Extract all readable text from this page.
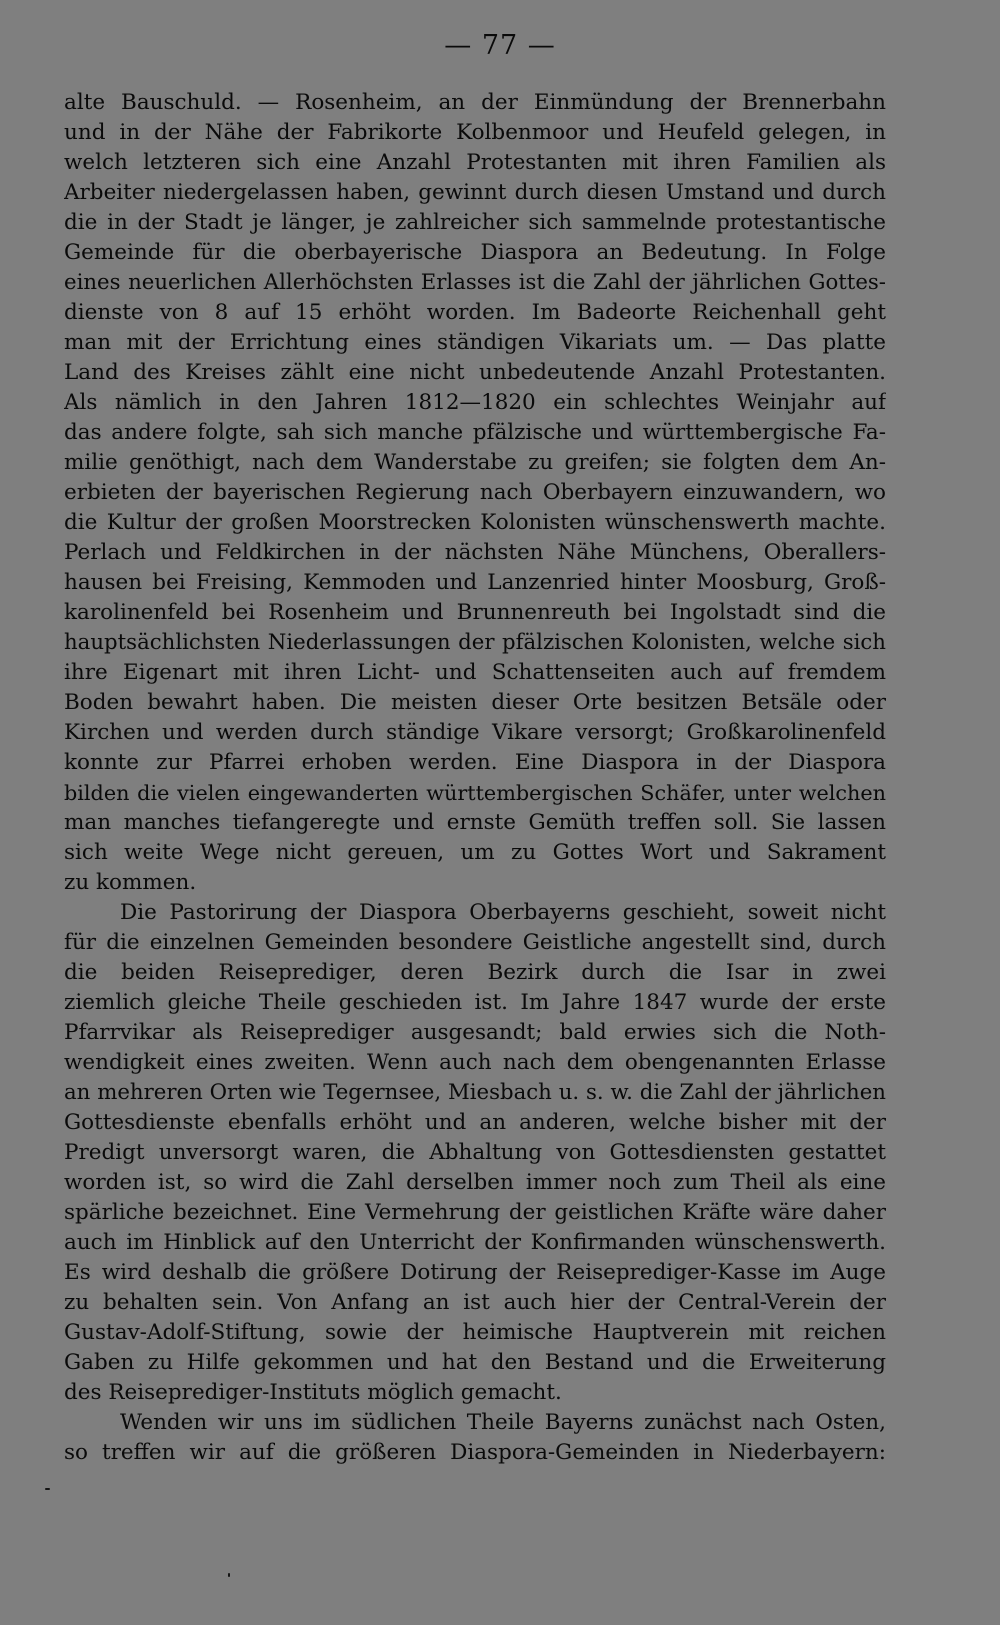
— 77 —
alte Bauschuld. — Rosenheim, an der Einmündung der Brennerbahn
und in der Nähe der Fabrikorte Kolbenmoor und Heufeld gelegen, in
welch letzteren sich eine Anzahl Protestanten mit ihren Familien als
Arbeiter niedergelassen haben, gewinnt durch diesen Umstand und durch
die in der Stadt je länger, je zahlreicher sich sammelnde protestantische
Gemeinde für die oberbayerische Diaspora an Bedeutung. In Folge
eines neuerlichen Allerhöchsten Erlasses ist die Zahl der jährlichen Gottes-
dienste von 8 auf 15 erhöht worden. Im Badeorte Reichenhall geht
man mit der Errichtung eines ständigen Vikariats um. — Das platte
Land des Kreises zählt eine nicht unbedeutende Anzahl Protestanten.
Als nämlich in den Jahren 1812—1820 ein schlechtes Weinjahr auf
das andere folgte, sah sich manche pfälzische und württembergische Fa-
milie genöthigt, nach dem Wanderstabe zu greifen; sie folgten dem An-
erbieten der bayerischen Regierung nach Oberbayern einzuwandern, wo
die Kultur der großen Moorstrecken Kolonisten wünschenswerth machte.
Perlach und Feldkirchen in der nächsten Nähe Münchens, Oberallers-
hausen bei Freising, Kemmoden und Lanzenried hinter Moosburg, Groß-
karolinenfeld bei Rosenheim und Brunnenreuth bei Ingolstadt sind die
hauptsächlichsten Niederlassungen der pfälzischen Kolonisten, welche sich
ihre Eigenart mit ihren Licht- und Schattenseiten auch auf fremdem
Boden bewahrt haben. Die meisten dieser Orte besitzen Betsäle oder
Kirchen und werden durch ständige Vikare versorgt; Großkarolinenfeld
konnte zur Pfarrei erhoben werden. Eine Diaspora in der Diaspora
bilden die vielen eingewanderten württembergischen Schäfer, unter welchen
man manches tiefangeregte und ernste Gemüth treffen soll. Sie lassen
sich weite Wege nicht gereuen, um zu Gottes Wort und Sakrament
zu kommen.
Die Pastorirung der Diaspora Oberbayerns geschieht, soweit nicht
für die einzelnen Gemeinden besondere Geistliche angestellt sind, durch
die beiden Reiseprediger, deren Bezirk durch die Isar in zwei
ziemlich gleiche Theile geschieden ist. Im Jahre 1847 wurde der erste
Pfarrvikar als Reiseprediger ausgesandt; bald erwies sich die Noth-
wendigkeit eines zweiten. Wenn auch nach dem obengenannten Erlasse
an mehreren Orten wie Tegernsee, Miesbach u. s. w. die Zahl der jährlichen
Gottesdienste ebenfalls erhöht und an anderen, welche bisher mit der
Predigt unversorgt waren, die Abhaltung von Gottesdiensten gestattet
worden ist, so wird die Zahl derselben immer noch zum Theil als eine
spärliche bezeichnet. Eine Vermehrung der geistlichen Kräfte wäre daher
auch im Hinblick auf den Unterricht der Konfirmanden wünschenswerth.
Es wird deshalb die größere Dotirung der Reiseprediger-Kasse im Auge
zu behalten sein. Von Anfang an ist auch hier der Central-Verein der
Gustav-Adolf-Stiftung, sowie der heimische Hauptverein mit reichen
Gaben zu Hilfe gekommen und hat den Bestand und die Erweiterung
des Reiseprediger-Instituts möglich gemacht.
Wenden wir uns im südlichen Theile Bayerns zunächst nach Osten,
so treffen wir auf die größeren Diaspora-Gemeinden in Niederbayern:
